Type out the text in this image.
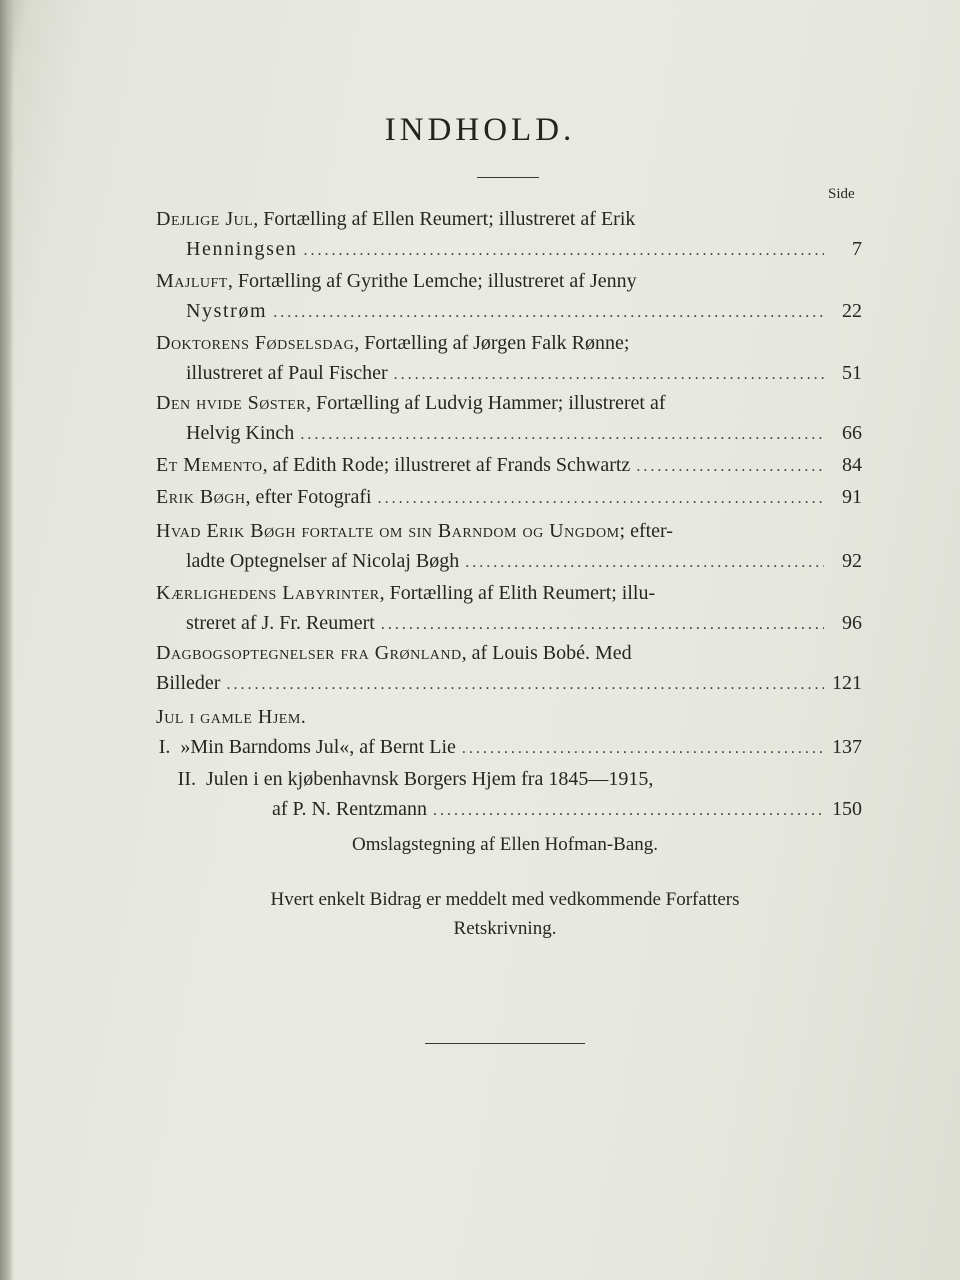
INDHOLD.
Side
Dejlige Jul, Fortælling af Ellen Reumert; illustreret af Erik
Henningsen .....	7
Majluft, Fortælling af Gyrithe Lemche; illustreret af Jenny
Nystrøm .....	22
Doktorens Fødselsdag, Fortælling af Jørgen Falk Rønne;
illustreret af Paul Fischer .....	51
Den hvide Søster, Fortælling af Ludvig Hammer; illustreret af
Helvig Kinch .....	66
Et Memento , af Edith Rode; illustreret af Frands Schwartz .....	84
Erik Bøgh , efter Fotografi .....	91
Hvad Erik Bøgh fortalte om sin Barndom og Ungdom; efter-
ladte Optegnelser af Nicolaj Bøgh .....	92
Kærlighedens Labyrinter, Fortælling af Elith Reumert; illu-
streret af J. Fr. Reumert .....	96
Dagbogsoptegnelser fra Grønland, af Louis Bobé. Med
Billeder .....	121
Jul i gamle Hjem.
I. »Min Barndoms Jul«, af Bernt Lie .....	137
II. Julen i en kjøbenhavnsk Borgers Hjem fra 1845—1915,
af P. N. Rentzmann .....	150
Omslagstegning af Ellen Hofman-Bang.
Hvert enkelt Bidrag er meddelt med vedkommende Forfatters
Retskrivning.
